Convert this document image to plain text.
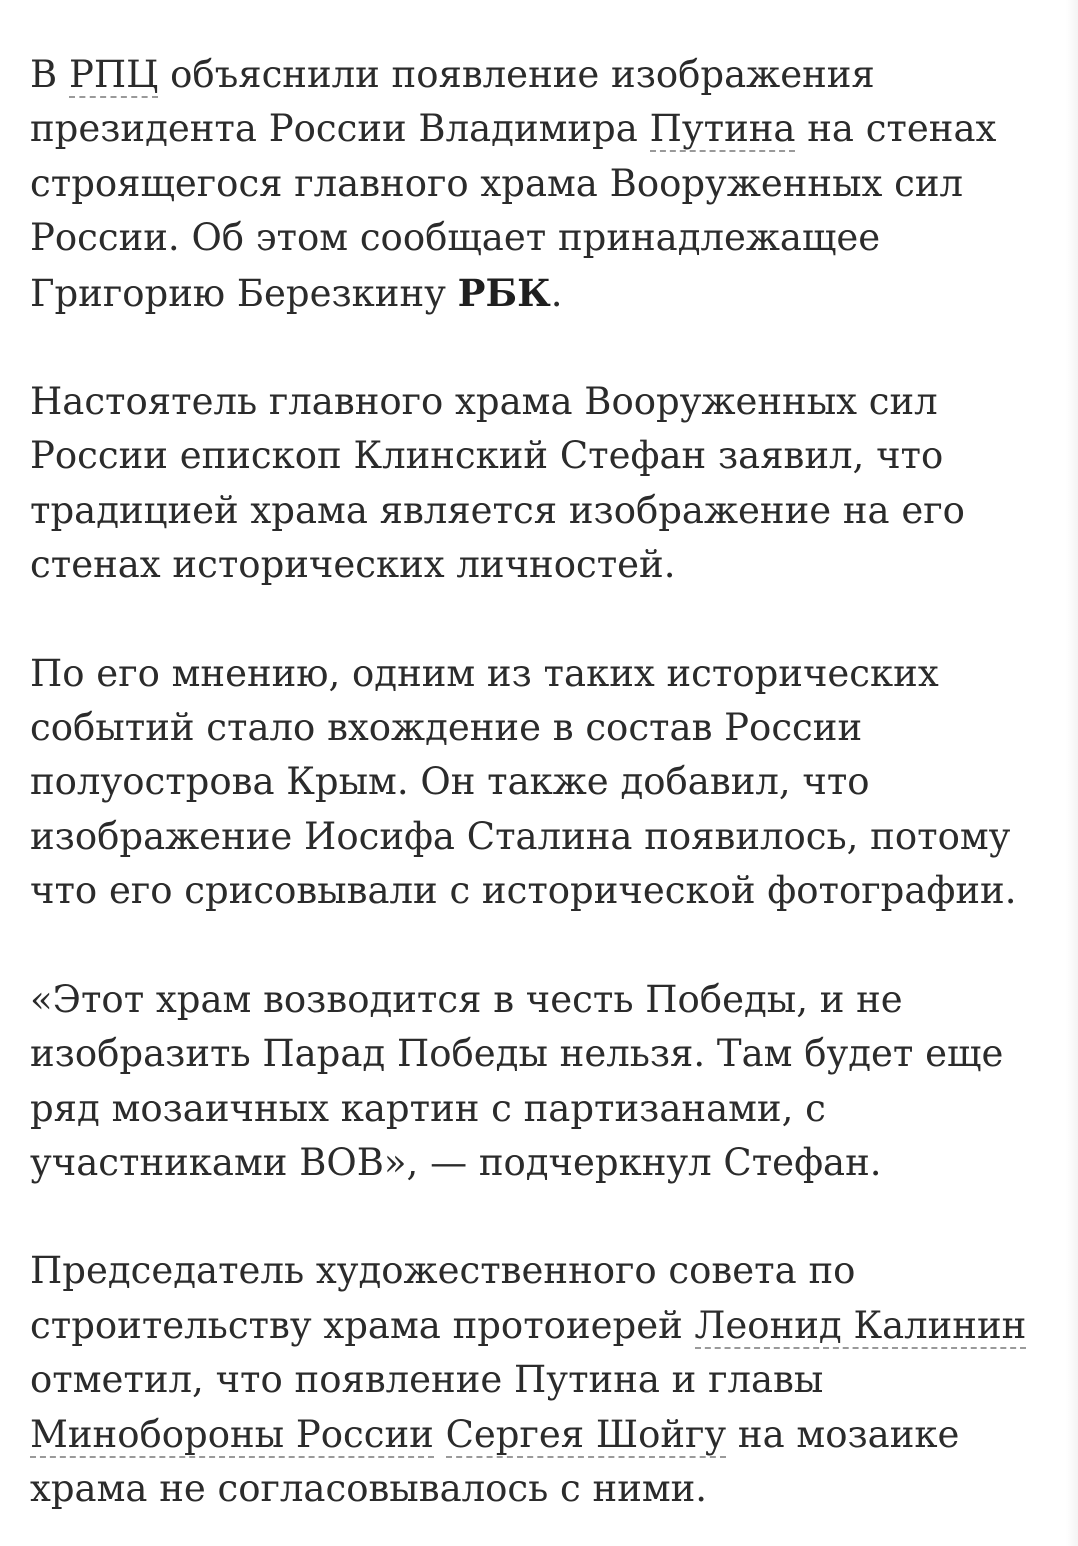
В РПЦ объяснили появление изображения президента России Владимира Путина на стенах строящегося главного храма Вооруженных сил России. Об этом сообщает принадлежащее Григорию Березкину РБК.

Настоятель главного храма Вооруженных сил России епископ Клинский Стефан заявил, что традицией храма является изображение на его стенах исторических личностей.

По его мнению, одним из таких исторических событий стало вхождение в состав России полуострова Крым. Он также добавил, что изображение Иосифа Сталина появилось, потому что его срисовывали с исторической фотографии.

«Этот храм возводится в честь Победы, и не изобразить Парад Победы нельзя. Там будет еще ряд мозаичных картин с партизанами, с участниками ВОВ», — подчеркнул Стефан.

Председатель художественного совета по строительству храма протоиерей Леонид Калинин отметил, что появление Путина и главы Минобороны России Сергея Шойгу на мозаике храма не согласовывалось с ними.
